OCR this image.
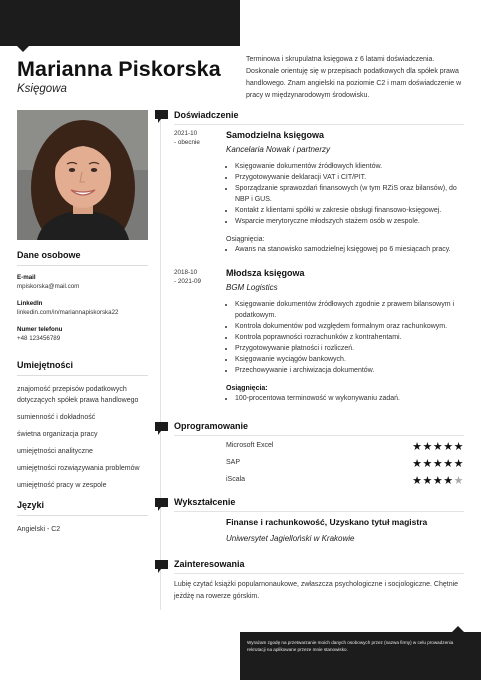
Marianna Piskorska
Księgowa
Terminowa i skrupulatna księgowa z 6 latami doświadczenia. Doskonale orientuję się w przepisach podatkowych dla spółek prawa handlowego. Znam angielski na poziomie C2 i mam doświadczenie w pracy w międzynarodowym środowisku.
Dane osobowe
E-mail
mpiskorska@mail.com
LinkedIn
linkedin.com/in/mariannapiskorska22
Numer telefonu
+48 123456789
Umiejętności
znajomość przepisów podatkowych dotyczących spółek prawa handlowego
sumienność i dokładność
świetna organizacja pracy
umiejętności analityczne
umiejętności rozwiązywania problemów
umiejętność pracy w zespole
Języki
Angielski - C2
Doświadczenie
2021-10
- obecnie
Samodzielna księgowa
Kancelaria Nowak i partnerzy
• Księgowanie dokumentów źródłowych klientów.
• Przygotowywanie deklaracji VAT i CIT/PIT.
• Sporządzanie sprawozdań finansowych (w tym RZiS oraz bilansów), do NBP i GUS.
• Kontakt z klientami spółki w zakresie obsługi finansowo-księgowej.
• Wsparcie merytoryczne młodszych stażem osób w zespole.
Osiągnięcia:
• Awans na stanowisko samodzielnej księgowej po 6 miesiącach pracy.
2018-10
- 2021-09
Młodsza księgowa
BGM Logistics
• Księgowanie dokumentów źródłowych zgodnie z prawem bilansowym i podatkowym.
• Kontrola dokumentów pod względem formalnym oraz rachunkowym.
• Kontrola poprawności rozrachunków z kontrahentami.
• Przygotowywanie płatności i rozliczeń.
• Księgowanie wyciągów bankowych.
• Przechowywanie i archiwizacja dokumentów.
Osiągnięcia:
• 100-procentowa terminowość w wykonywaniu zadań.
Oprogramowanie
Microsoft Excel	★★★★★
SAP	★★★★★
iScala	★★★★★
Wykształcenie
Finanse i rachunkowość, Uzyskano tytuł magistra
Uniwersytet Jagielloński w Krakowie
Zainteresowania
Lubię czytać książki popularnonaukowe, zwłaszcza psychologiczne i socjologiczne. Chętnie jeżdżę na rowerze górskim.
Wyrażam zgodę na przetwarzanie moich danych osobowych przez (nazwa firmy) w celu prowadzenia rekrutacji na aplikowane przeze mnie stanowisko.
